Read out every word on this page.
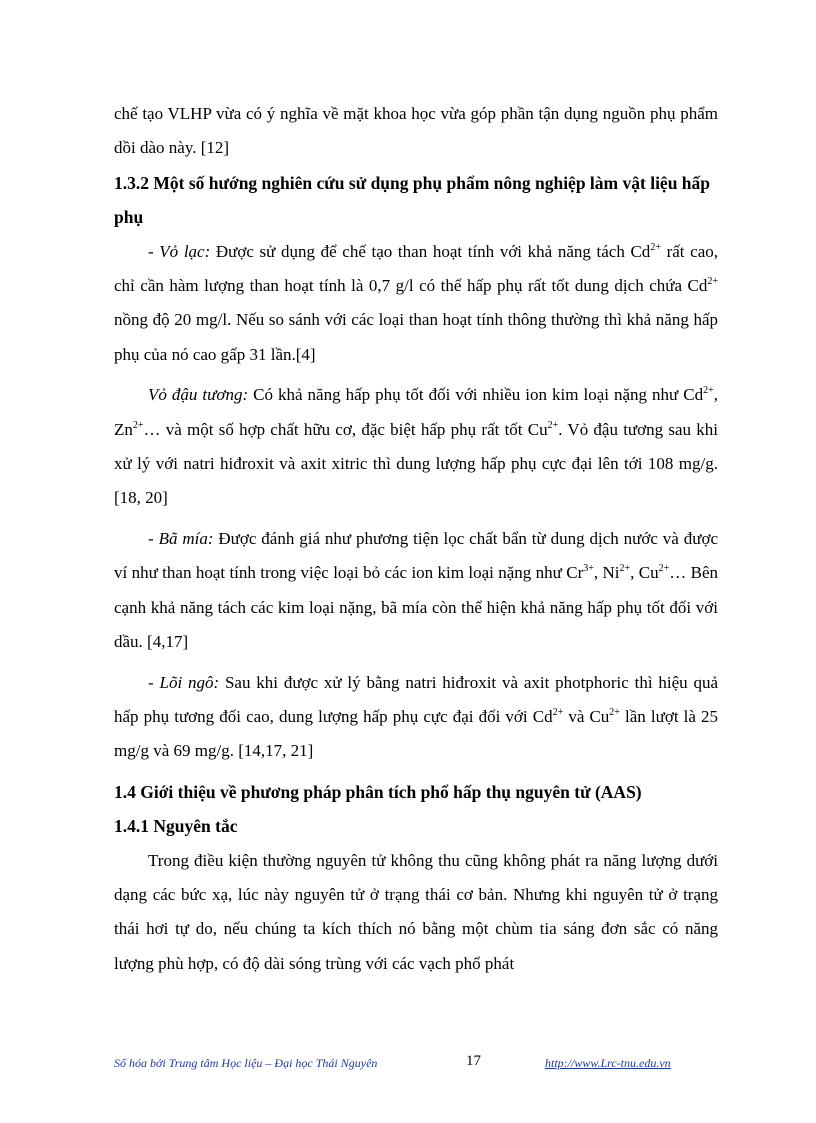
chế tạo VLHP vừa có ý nghĩa về mặt khoa học vừa góp phần tận dụng nguồn phụ phẩm dồi dào này. [12]

1.3.2 Một số hướng nghiên cứu sử dụng phụ phẩm nông nghiệp làm vật liệu hấp phụ

- Vỏ lạc: Được sử dụng để chế tạo than hoạt tính với khả năng tách $Cd^{2+}$ rất cao, chỉ cần hàm lượng than hoạt tính là 0,7 g/l có thể hấp phụ rất tốt dung dịch chứa $Cd^{2+}$ nồng độ 20 mg/l. Nếu so sánh với các loại than hoạt tính thông thường thì khả năng hấp phụ của nó cao gấp 31 lần.[4]

Vỏ đậu tương: Có khả năng hấp phụ tốt đối với nhiều ion kim loại nặng như $Cd^{2+}$, $Zn^{2+}\dots$ và một số hợp chất hữu cơ, đặc biệt hấp phụ rất tốt $Cu^{2+}$. Vỏ đậu tương sau khi xử lý với natri hiđroxit và axit xitric thì dung lượng hấp phụ cực đại lên tới 108 mg/g.[18, 20]

- Bã mía: Được đánh giá như phương tiện lọc chất bẩn từ dung dịch nước và được ví như than hoạt tính trong việc loại bỏ các ion kim loại nặng như $Cr^{3+}$, $Ni^{2+}$, $Cu^{2+}\dots$ Bên cạnh khả năng tách các kim loại nặng, bã mía còn thể hiện khả năng hấp phụ tốt đối với dầu. [4,17]

- Lõi ngô: Sau khi được xử lý bằng natri hiđroxit và axit photphoric thì hiệu quả hấp phụ tương đối cao, dung lượng hấp phụ cực đại đối với $Cd^{2+}$ và $Cu^{2+}$ lần lượt là 25 mg/g và 69 mg/g. [14,17, 21]

1.4 Giới thiệu về phương pháp phân tích phổ hấp thụ nguyên tử (AAS)
1.4.1 Nguyên tắc

Trong điều kiện thường nguyên tử không thu cũng không phát ra năng lượng dưới dạng các bức xạ, lúc này nguyên tử ở trạng thái cơ bản. Nhưng khi nguyên tử ở trạng thái hơi tự do, nếu chúng ta kích thích nó bằng một chùm tia sáng đơn sắc có năng lượng phù hợp, có độ dài sóng trùng với các vạch phổ phát

Số hóa bởi Trung tâm Học liệu – Đại học Thái Nguyên	17	http://www.Lrc-tnu.edu.vn
